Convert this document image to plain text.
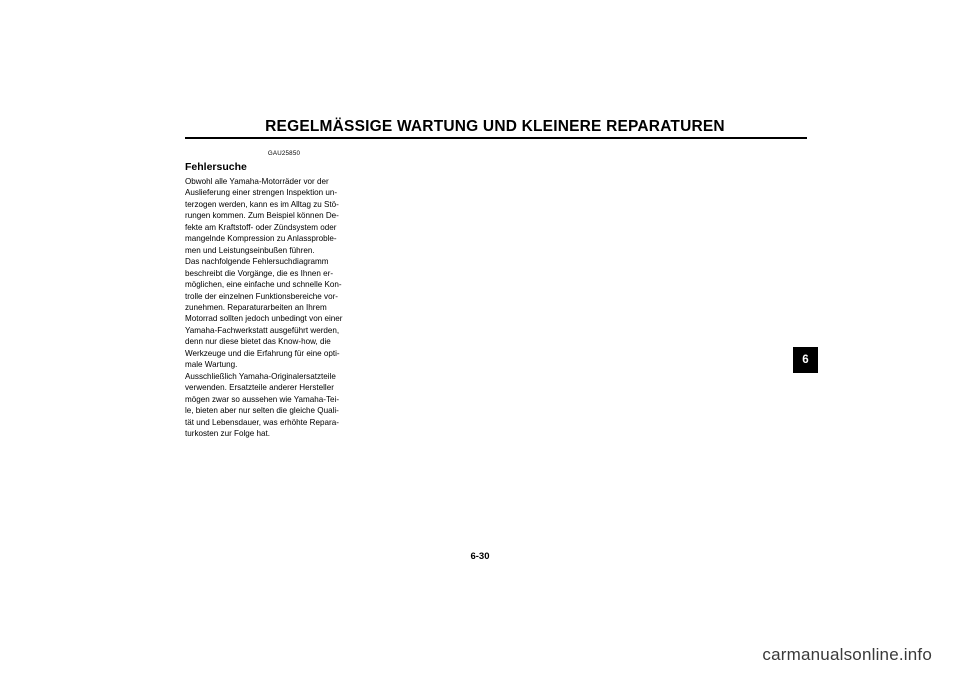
REGELMÄSSIGE WARTUNG UND KLEINERE REPARATUREN
6

GAU25850

Fehlersuche

Obwohl alle Yamaha-Motorräder vor der
Auslieferung einer strengen Inspektion un-
terzogen werden, kann es im Alltag zu Stö-
rungen kommen. Zum Beispiel können De-
fekte am Kraftstoff- oder Zündsystem oder
mangelnde Kompression zu Anlassproble-
men und Leistungseinbußen führen.

Das nachfolgende Fehlersuchdiagramm
beschreibt die Vorgänge, die es Ihnen er-
möglichen, eine einfache und schnelle Kon-
trolle der einzelnen Funktionsbereiche vor-
zunehmen. Reparaturarbeiten an Ihrem
Motorrad sollten jedoch unbedingt von einer
Yamaha-Fachwerkstatt ausgeführt werden,
denn nur diese bietet das Know-how, die
Werkzeuge und die Erfahrung für eine opti-
male Wartung.

Ausschließlich Yamaha-Originalersatzteile
verwenden. Ersatzteile anderer Hersteller
mögen zwar so aussehen wie Yamaha-Tei-
le, bieten aber nur selten die gleiche Quali-
tät und Lebensdauer, was erhöhte Repara-
turkosten zur Folge hat.

6-30
carmanualsonline.info
